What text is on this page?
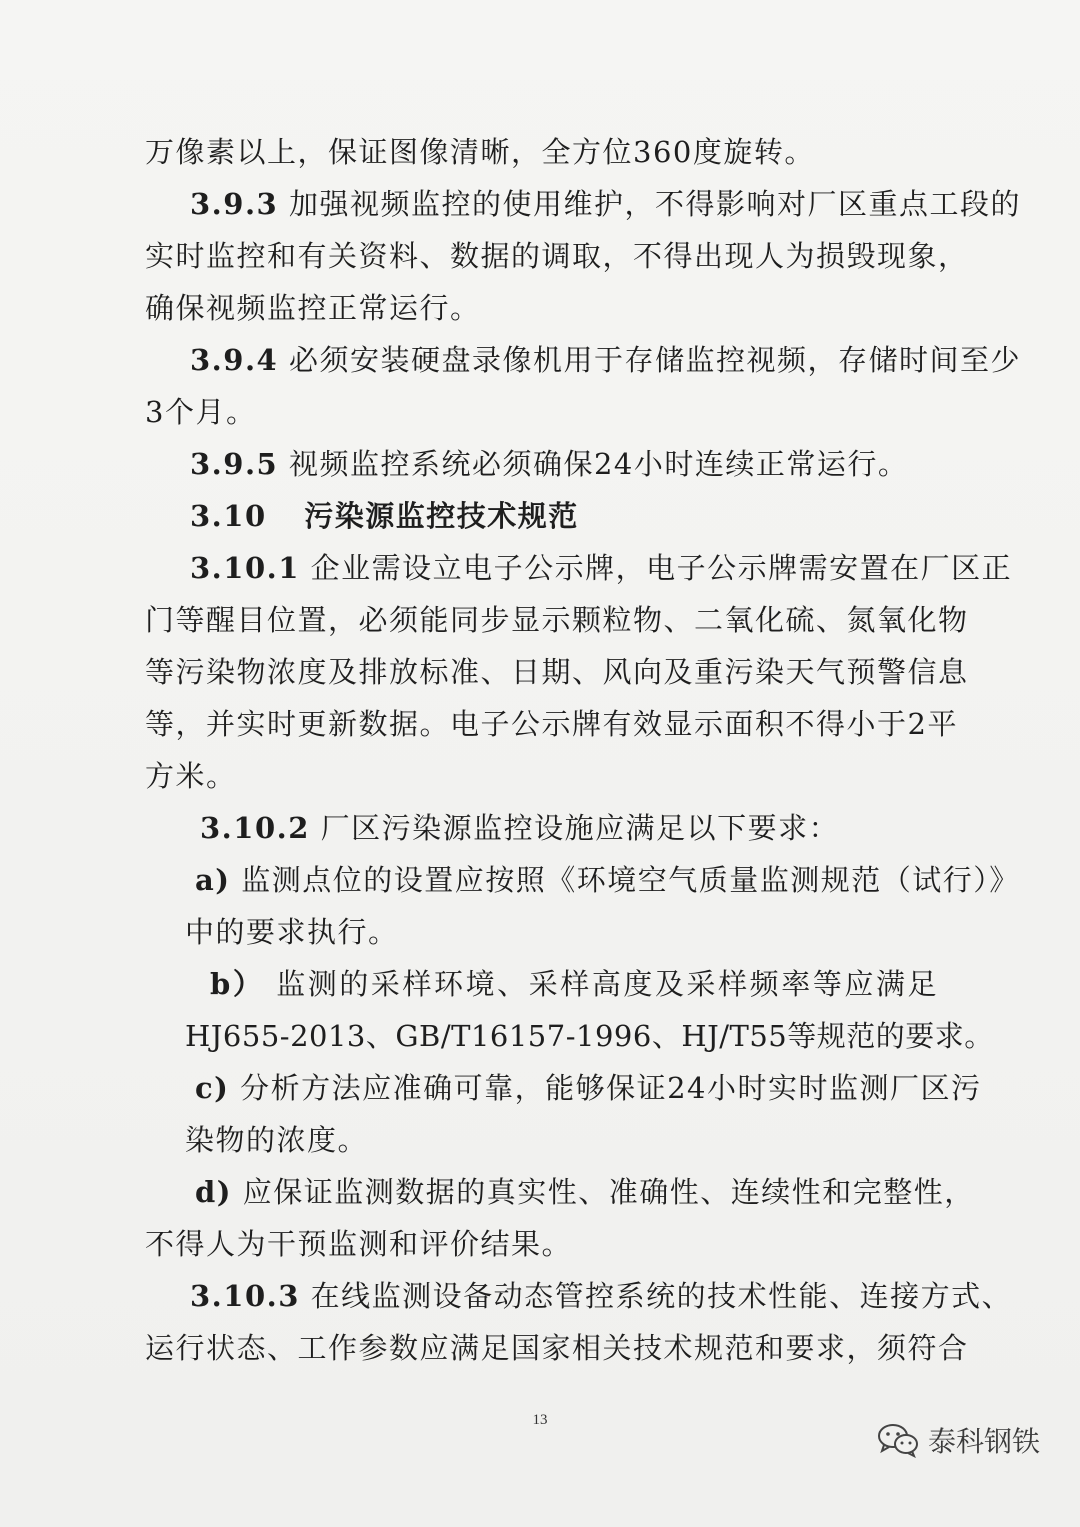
万像素以上，保证图像清晰，全方位360度旋转。
3.9.3 加强视频监控的使用维护，不得影响对厂区重点工段的
实时监控和有关资料、数据的调取，不得出现人为损毁现象，
确保视频监控正常运行。
3.9.4 必须安装硬盘录像机用于存储监控视频，存储时间至少
3个月。
3.9.5 视频监控系统必须确保24小时连续正常运行。
3.10 污染源监控技术规范
3.10.1 企业需设立电子公示牌，电子公示牌需安置在厂区正
门等醒目位置，必须能同步显示颗粒物、二氧化硫、氮氧化物
等污染物浓度及排放标准、日期、风向及重污染天气预警信息
等，并实时更新数据。电子公示牌有效显示面积不得小于2平
方米。
3.10.2 厂区污染源监控设施应满足以下要求：
a) 监测点位的设置应按照《环境空气质量监测规范（试行）》
中的要求执行。
b） 监测的采样环境、采样高度及采样频率等应满足
HJ655-2013、GB/T16157-1996、HJ/T55等规范的要求。
c) 分析方法应准确可靠，能够保证24小时实时监测厂区污
染物的浓度。
d) 应保证监测数据的真实性、准确性、连续性和完整性，
不得人为干预监测和评价结果。
3.10.3 在线监测设备动态管控系统的技术性能、连接方式、
运行状态、工作参数应满足国家相关技术规范和要求，须符合
13
泰科钢铁
